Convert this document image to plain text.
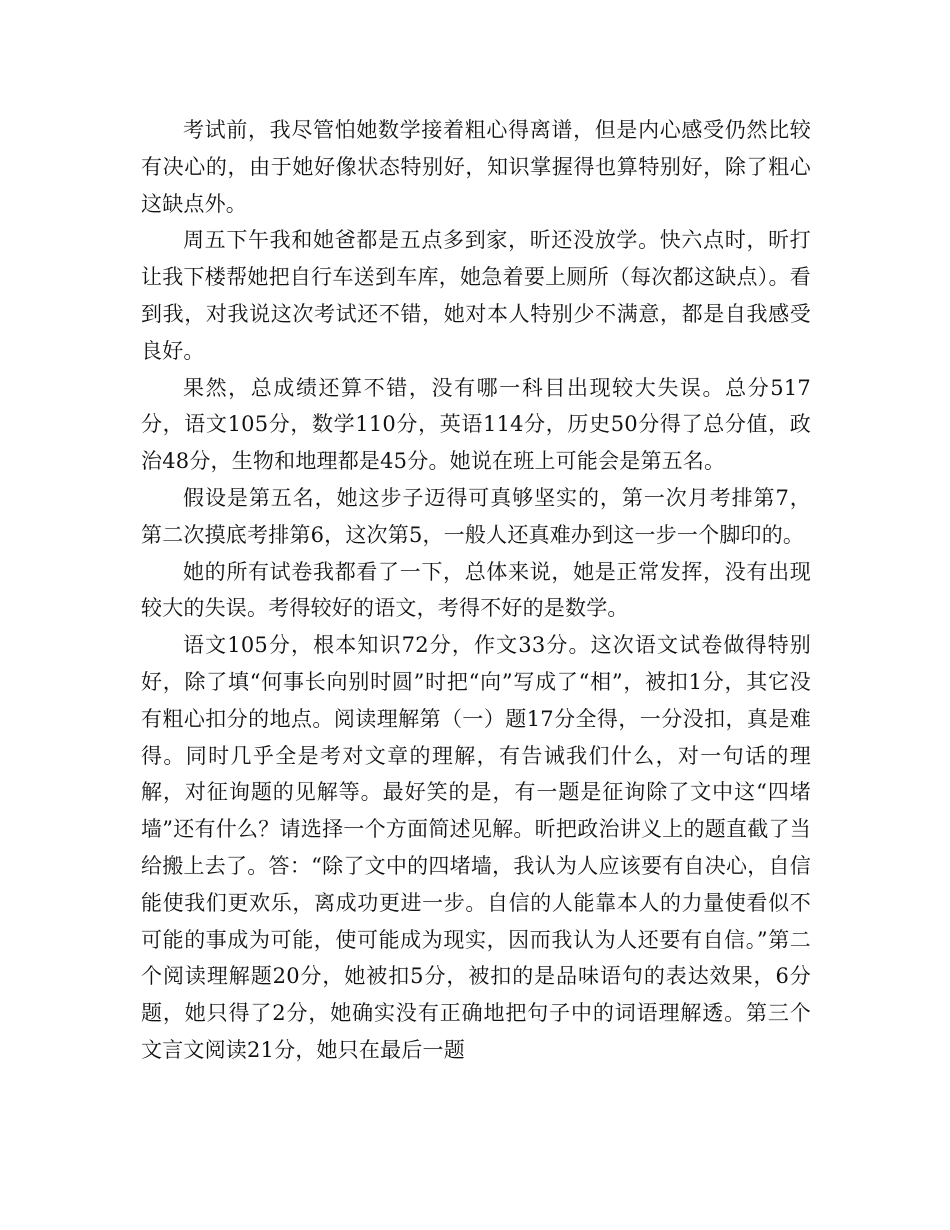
考试前，我尽管怕她数学接着粗心得离谱，但是内心感受仍然比较有决心的，由于她好像状态特别好，知识掌握得也算特别好，除了粗心这缺点外。

周五下午我和她爸都是五点多到家，昕还没放学。快六点时，昕打让我下楼帮她把自行车送到车库，她急着要上厕所（每次都这缺点）。看到我，对我说这次考试还不错，她对本人特别少不满意，都是自我感受良好。

果然，总成绩还算不错，没有哪一科目出现较大失误。总分517分，语文105分，数学110分，英语114分，历史50分得了总分值，政治48分，生物和地理都是45分。她说在班上可能会是第五名。

假设是第五名，她这步子迈得可真够坚实的，第一次月考排第7，第二次摸底考排第6，这次第5，一般人还真难办到这一步一个脚印的。

她的所有试卷我都看了一下，总体来说，她是正常发挥，没有出现较大的失误。考得较好的语文，考得不好的是数学。

语文105分，根本知识72分，作文33分。这次语文试卷做得特别好，除了填“何事长向别时圆”时把“向”写成了“相”，被扣1分，其它没有粗心扣分的地点。阅读理解第（一）题17分全得，一分没扣，真是难得。同时几乎全是考对文章的理解，有告诫我们什么，对一句话的理解，对征询题的见解等。最好笑的是，有一题是征询除了文中这“四堵墙”还有什么？请选择一个方面简述见解。昕把政治讲义上的题直截了当给搬上去了。答：“除了文中的四堵墙，我认为人应该要有自决心，自信能使我们更欢乐，离成功更进一步。自信的人能靠本人的力量使看似不可能的事成为可能，使可能成为现实，因而我认为人还要有自信。”第二个阅读理解题20分，她被扣5分，被扣的是品味语句的表达效果，6分题，她只得了2分，她确实没有正确地把句子中的词语理解透。第三个文言文阅读21分，她只在最后一题
